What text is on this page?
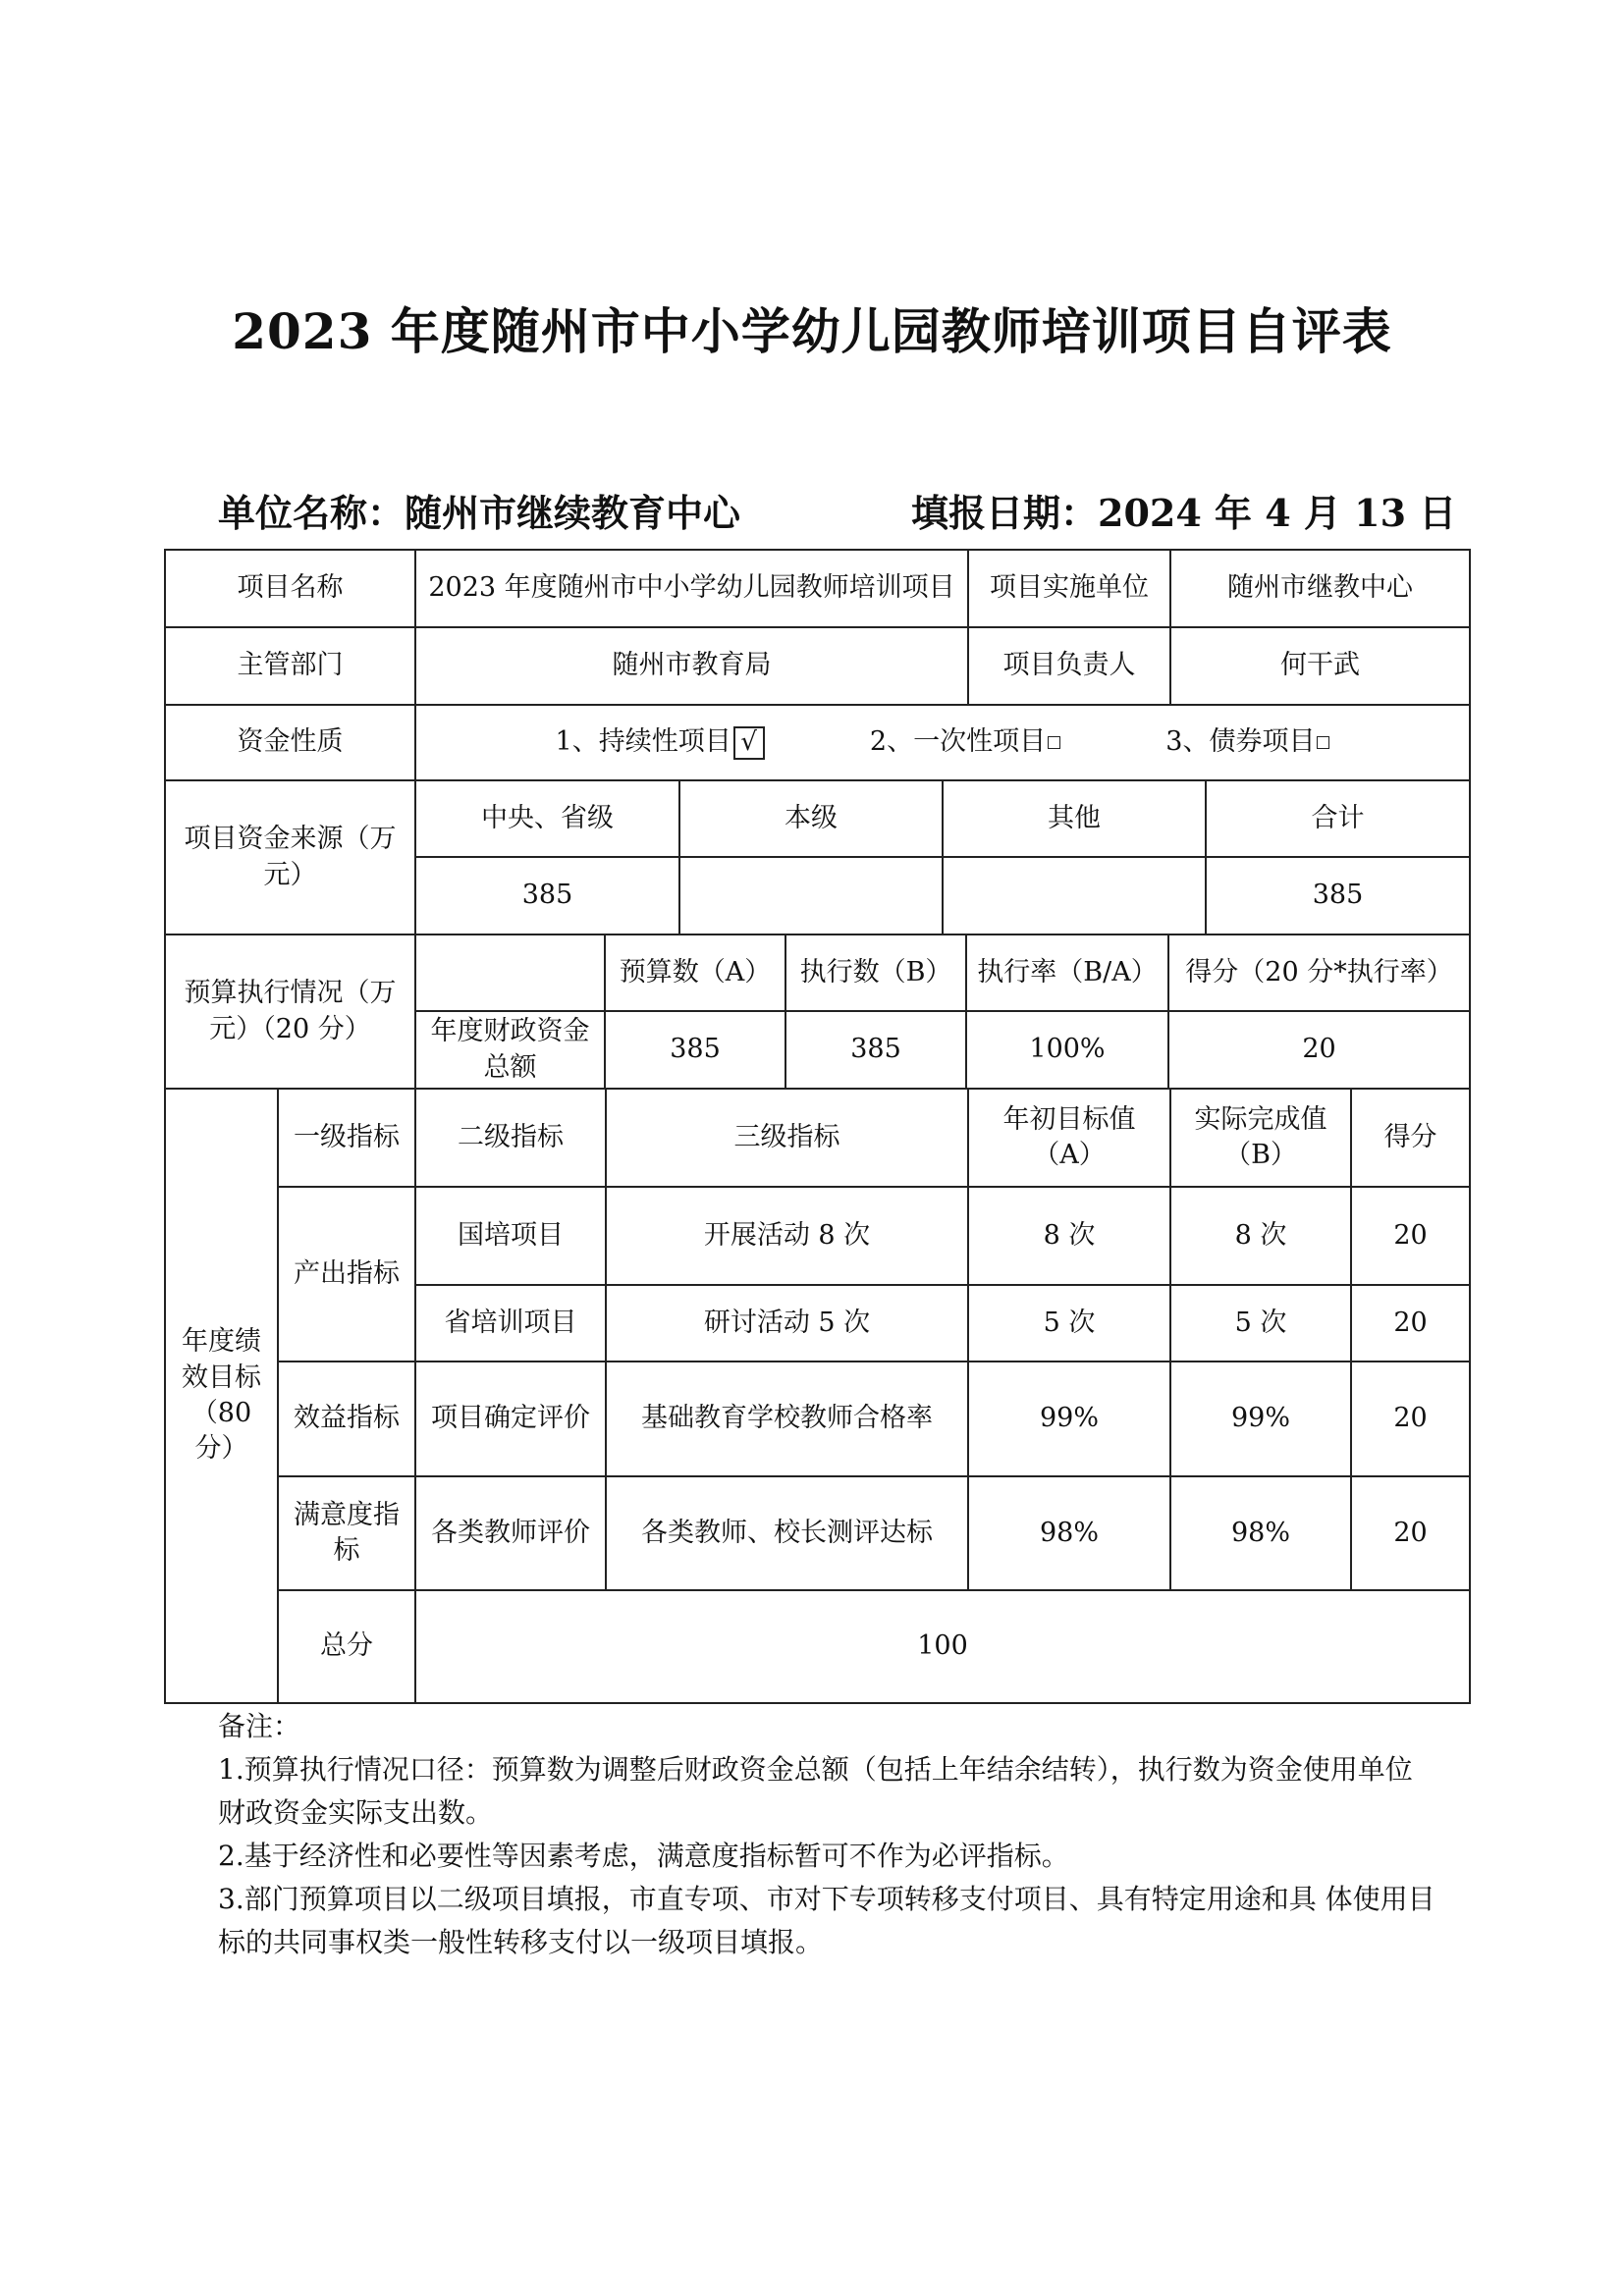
2023 年度随州市中小学幼儿园教师培训项目自评表
单位名称：随州市继续教育中心	填报日期：2024 年 4 月 13 日
项目名称	2023 年度随州市中小学幼儿园教师培训项目	项目实施单位	随州市继教中心
主管部门	随州市教育局	项目负责人	何干武
资金性质	1、持续性项目 √	2、一次性项目	3、债券项目
项目资金来源（万元）	
中央、省级	本级	其他	合计
385			385

预算执行情况（万元）（20 分）	
	预算数（A）	执行数（B）	执行率（B/A）	得分（20 分*执行率）
年度财政资金总额	385	385	100%	20

年度绩效目标（80 分）	一级指标	二级指标	三级指标	年初目标值（A）	实际完成值（B）	得分
产出指标	国培项目	开展活动 8 次	8 次	8 次	20
省培训项目	研讨活动 5 次	5 次	5 次	20
效益指标	项目确定评价	基础教育学校教师合格率	99%	99%	20
满意度指标	各类教师评价	各类教师、校长测评达标	98%	98%	20
总分	100

备注：

1.预算执行情况口径：预算数为调整后财政资金总额（包括上年结余结转），执行数为资金使用单位财政资金实际支出数。

2.基于经济性和必要性等因素考虑，满意度指标暂可不作为必评指标。

3.部门预算项目以二级项目填报，市直专项、市对下专项转移支付项目、具有特定用途和具 体使用目标的共同事权类一般性转移支付以一级项目填报。
